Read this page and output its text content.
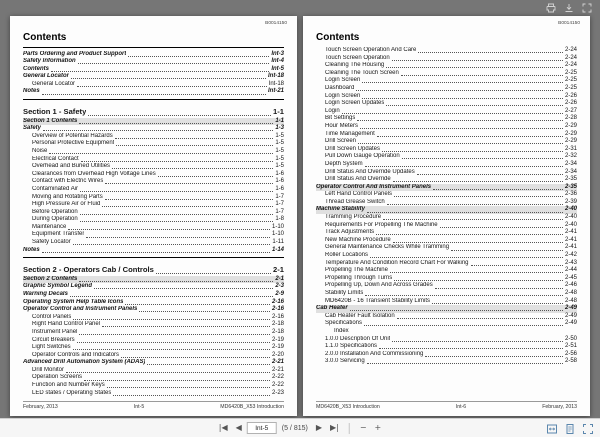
B0014150
Contents
Parts Ordering and Product Support	Int-3
Safety Information	Int-4
Contents	Int-5
General Locator	Int-18
General Locator	Int-18
Notes	Int-21
Section 1 - Safety	1-1
Section 1 Contents	1-1
Safety	1-3
Overview of Potential Hazards	1-5
Personal Protective Equipment	1-5
Noise	1-5
Electrical Contact	1-5
Overhead and Buried Utilities	1-5
Clearances from Overhead High Voltage Lines	1-6
Contact with Electric Wires	1-6
Contaminated Air	1-6
Moving and Rotating Parts	1-7
High Pressure Air or Fluid	1-7
Before Operation	1-7
During Operation	1-8
Maintenance	1-10
Equipment Transfer	1-10
Safety Locator	1-11
Notes	1-14
Section 2 - Operators Cab / Controls	2-1
Section 2 Contents	2-1
Graphic Symbol Legend	2-3
Warning Decals	2-9
Operating System Help Table Icons	2-16
Operator Control and Instrument Panels	2-16
Control Panels	2-16
Right Hand Control Panel	2-18
Instrument Panel	2-18
Circuit Breakers	2-19
Light Switches	2-19
Operator Controls and Indicators	2-20
Advanced Drill Automation System (ADAS)	2-21
Drill Monitor	2-21
Operation Screens	2-22
Function and Number Keys	2-22
LED states / Operating States	2-23
February, 2013	Int-5	MD6420B_X53 Introduction
B0014150
Contents
Touch Screen Operation And Care	2-24
Touch Screen Operation	2-24
Cleaning The Housing	2-24
Cleaning The Touch Screen	2-25
Login Screen	2-25
Dashboard	2-25
Login Screen	2-26
Login Screen Updates	2-26
Login	2-27
Bit Settings	2-28
Hour Meters	2-29
Time Management	2-29
Drill Screen	2-29
Drill Screen Updates	2-31
Pull Down Gauge Operation	2-32
Depth System	2-34
Drill Status And Override Updates	2-34
Drill Status And Override	2-35
Operator Control And Instrument Panels	2-35
Left Hand Control Panels	2-36
Thread Grease Switch	2-39
Machine Stability	2-40
Tramming Procedure	2-40
Requirements For Propelling The Machine	2-40
Track Adjustments	2-41
New Machine Procedure	2-41
General Maintenance Checks While Tramming	2-41
Roller Locations	2-42
Temperature And Condition Record Chart For Walking	2-43
Propelling The Machine	2-44
Propelling Through Turns	2-45
Propelling Up, Down And Across Grades	2-46
Stability Limits	2-48
MD6420B - 16 Transient Stability Limits	2-48
Cab Heater	2-49
Cab Heater Fault Isolation	2-49
Specifications	2-49
Index
1.0.0 Description Of Unit	2-50
1.1.0 Specifications	2-51
2.0.0 Installation And Commissioning	2-56
3.0.0 Servicing	2-58
MD6420B_X53 Introduction	Int-6	February, 2013
|◀	◀
Int-5	(5 / 815)	▶	▶|	−	+
